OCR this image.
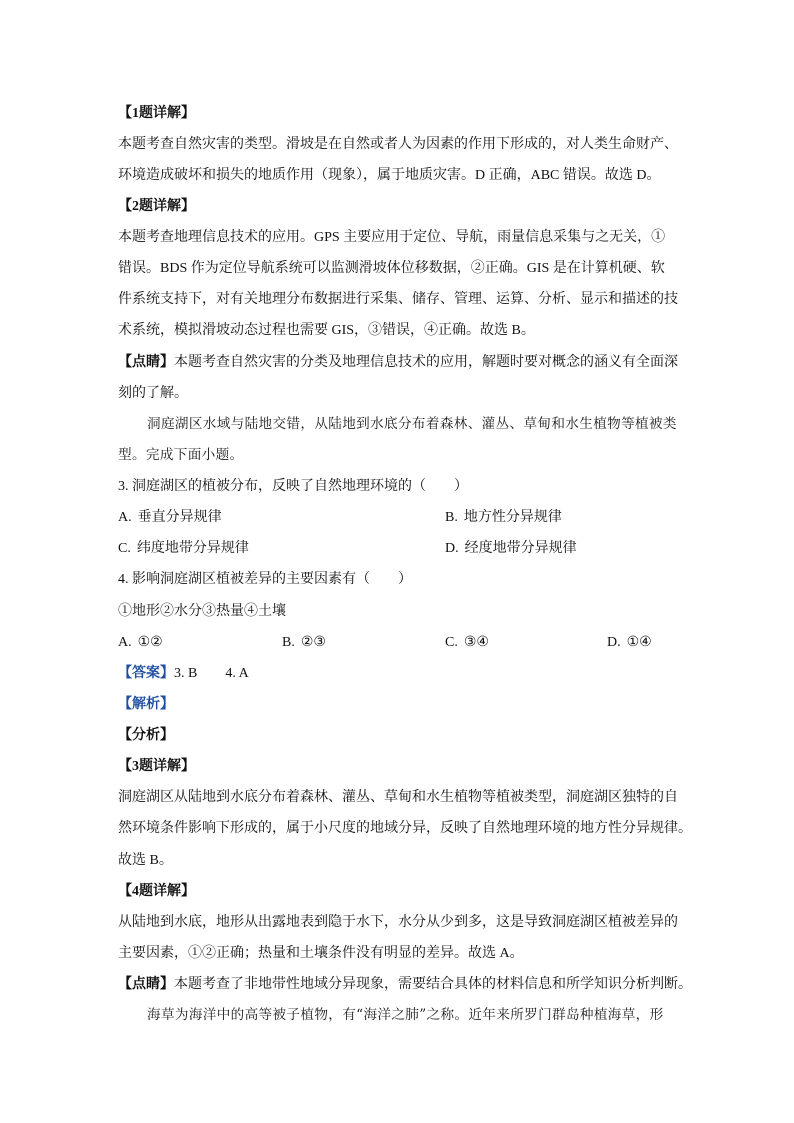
【1题详解】
本题考查自然灾害的类型。滑坡是在自然或者人为因素的作用下形成的，对人类生命财产、
环境造成破坏和损失的地质作用（现象），属于地质灾害。D 正确，ABC 错误。故选 D。
【2题详解】
本题考查地理信息技术的应用。GPS 主要应用于定位、导航，雨量信息采集与之无关，①
错误。BDS 作为定位导航系统可以监测滑坡体位移数据，②正确。GIS 是在计算机硬、软
件系统支持下，对有关地理分布数据进行采集、储存、管理、运算、分析、显示和描述的技
术系统，模拟滑坡动态过程也需要 GIS，③错误，④正确。故选 B。
【点睛】本题考查自然灾害的分类及地理信息技术的应用，解题时要对概念的涵义有全面深
刻的了解。
洞庭湖区水域与陆地交错，从陆地到水底分布着森林、灌丛、草甸和水生植物等植被类
型。完成下面小题。
3. 洞庭湖区的植被分布，反映了自然地理环境的（　　）
A. 垂直分异规律	B. 地方性分异规律
C. 纬度地带分异规律	D. 经度地带分异规律
4. 影响洞庭湖区植被差异的主要因素有（　　）
①地形②水分③热量④土壤
A. ①②	B. ②③	C. ③④	D. ①④
【答案】3. B 4. A
【解析】
【分析】
【3题详解】
洞庭湖区从陆地到水底分布着森林、灌丛、草甸和水生植物等植被类型，洞庭湖区独特的自
然环境条件影响下形成的，属于小尺度的地域分异，反映了自然地理环境的地方性分异规律。
故选 B。
【4题详解】
从陆地到水底，地形从出露地表到隐于水下，水分从少到多，这是导致洞庭湖区植被差异的
主要因素，①②正确；热量和土壤条件没有明显的差异。故选 A。
【点睛】本题考查了非地带性地域分异现象，需要结合具体的材料信息和所学知识分析判断。
海草为海洋中的高等被子植物，有“海洋之肺”之称。近年来所罗门群岛种植海草，形
